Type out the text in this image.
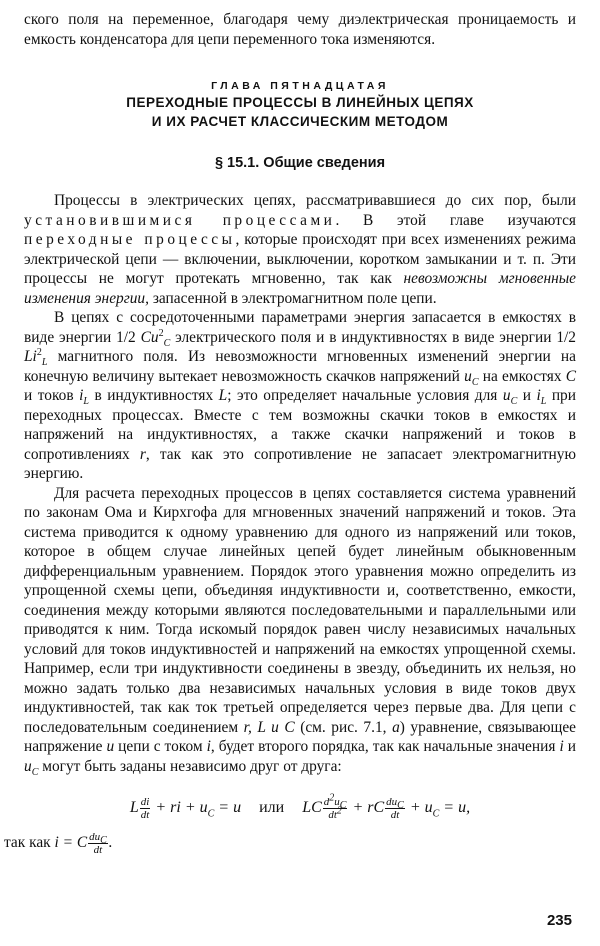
ского поля на переменное, благодаря чему диэлектрическая проницаемость и емкость конденсатора для цепи переменного тока изменяются.

ГЛАВА ПЯТНАДЦАТАЯ
ПЕРЕХОДНЫЕ ПРОЦЕССЫ В ЛИНЕЙНЫХ ЦЕПЯХ
И ИХ РАСЧЕТ КЛАССИЧЕСКИМ МЕТОДОМ
§ 15.1. Общие сведения

Процессы в электрических цепях, рассматривавшиеся до сих пор, были установившимися процессами. В этой главе изучаются переходные процессы, которые происходят при всех изменениях режима электрической цепи — включении, выключении, коротком замыкании и т. п. Эти процессы не могут протекать мгновенно, так как невозможны мгновенные изменения энергии, запасенной в электромагнитном поле цепи.

В цепях с сосредоточенными параметрами энергия запасается в емкостях в виде энергии 1/2 $Cu^2_C$ электрического поля и в индуктивностях в виде энергии 1/2 $Li^2_L$ магнитного поля. Из невозможности мгновенных изменений энергии на конечную величину вытекает невозможность скачков напряжений $u_C$ на емкостях C и токов $i_L$ в индуктивностях L; это определяет начальные условия для $u_C$ и $i_L$ при переходных процессах. Вместе с тем возможны скачки токов в емкостях и напряжений на индуктивностях, а также скачки напряжений и токов в сопротивлениях r, так как это сопротивление не запасает электромагнитную энергию.

Для расчета переходных процессов в цепях составляется система уравнений по законам Ома и Кирхгофа для мгновенных значений напряжений и токов. Эта система приводится к одному уравнению для одного из напряжений или токов, которое в общем случае линейных цепей будет линейным обыкновенным дифференциальным уравнением. Порядок этого уравнения можно определить из упрощенной схемы цепи, объединяя индуктивности и, соответственно, емкости, соединения между которыми являются последовательными и параллельными или приводятся к ним. Тогда искомый порядок равен числу независимых начальных условий для токов индуктивностей и напряжений на емкостях упрощенной схемы. Например, если три индуктивности соединены в звезду, объединить их нельзя, но можно задать только два независимых начальных условия в виде токов двух индуктивностей, так как ток третьей определяется через первые два. Для цепи с последовательным соединением r, L и C (см. рис. 7.1, а) уравнение, связывающее напряжение u цепи с током i, будет второго порядка, так как начальные значения i и $u_C$ могут быть заданы независимо друг от друга:

L $\frac{di}{dt}$ + ri + $u_C = u$ или LC $\frac{d^2u_C}{dt^2}$ + rC $\frac{du_C}{dt} + u_C = u$,

так как i = C $\frac{du_C}{dt}$ .

235
